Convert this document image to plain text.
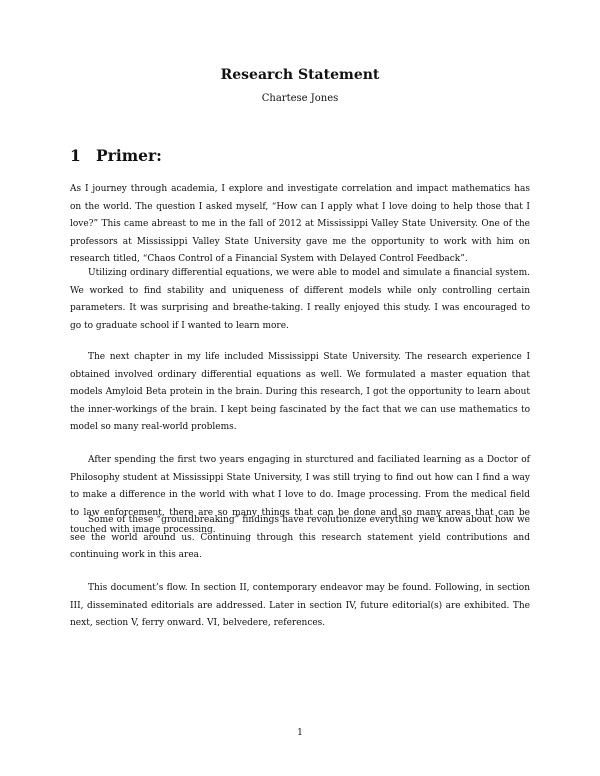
Research Statement
Chartese Jones
1 Primer:

As I journey through academia, I explore and investigate correlation and impact mathematics has on the world. The question I asked myself, “How can I apply what I love doing to help those that I love?” This came abreast to me in the fall of 2012 at Mississippi Valley State University. One of the professors at Mississippi Valley State University gave me the opportunity to work with him on research titled, “Chaos Control of a Financial System with Delayed Control Feedback”.

Utilizing ordinary differential equations, we were able to model and simulate a financial system. We worked to find stability and uniqueness of different models while only controlling certain parameters. It was surprising and breathe-taking. I really enjoyed this study. I was encouraged to go to graduate school if I wanted to learn more.

The next chapter in my life included Mississippi State University. The research experience I obtained involved ordinary differential equations as well. We formulated a master equation that models Amyloid Beta protein in the brain. During this research, I got the opportunity to learn about the inner-workings of the brain. I kept being fascinated by the fact that we can use mathematics to model so many real-world problems.

After spending the first two years engaging in sturctured and faciliated learning as a Doctor of Philosophy student at Mississippi State University, I was still trying to find out how can I find a way to make a difference in the world with what I love to do. Image processing. From the medical field to law enforcement, there are so many things that can be done and so many areas that can be touched with image processing.

Some of these “groundbreaking” findings have revolutionize everything we know about how we see the world around us. Continuing through this research statement yield contributions and continuing work in this area.

This document’s flow. In section II, contemporary endeavor may be found. Following, in section III, disseminated editorials are addressed. Later in section IV, future editorial(s) are exhibited. The next, section V, ferry onward. VI, belvedere, references.

1
